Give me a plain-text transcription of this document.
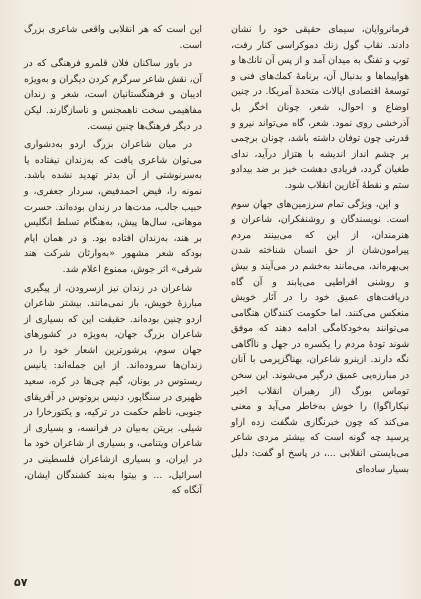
فرمانروایان، سیمای حقیقی خود را نشان دادند. نقاب گول زنك دموکراسی کنار رفت، توپ و تفنگ به میدان آمد و از پس آن تانك‌ها و هواپیماها و بدنبال آن، برنامهٔ کمك‌های فنی و توسعهٔ اقتصادی ایالات متحدهٔ آمریکا. در چنین اوضاع و احوال، شعر، چونان اخگر بل آذرخشی روی نمود. شعر، گاه می‌تواند نیرو و قدرتی چون توفان داشته باشد، چونان برچمی بر چشم انداز اندیشه با هتزاز درآید، ندای طغیان گردد، فریادی دهشت خیز بر ضد بیدادو ستم و نقطهٔ آغازین انقلاب شود.

و این، ویژگی تمام سرزمین‌های جهان سوم است. نویسندگان و روشنفکران، شاعران و هنرمندان، از این که می‌بینند مردم پیرامون‌شان از حق انسان شناخته شدن بی‌بهره‌اند، می‌مانند به‌خشم در می‌آیند و بیش و روشنی افراطیی می‌یابند و آن گاه دریافت‌های عمیق خود را در آثار خویش منعکس می‌کنند. اما حکومت کنندگان هنگامی می‌توانند به‌خودکامگی ادامه دهند که موفق شوند تودهٔ مردم را یکسره در جهل و ناآگاهی نگه دارند. ازینرو شاعران، بهناگزیرمی با آنان در مبارزه‌یی عمیق درگیر می‌شوند. این سخن توماس بورگ (از رهبران انقلاب اخیر نیکاراگوا) را خوش به‌خاطر می‌آید و معنی می‌کند که چون خبرنگاری شگفت زده ازاو پرسید چه گونه است که بیشتر مردی شاعر می‌بایستی انقلابی ...، در پاسخ او گفت: دلیل بسیار ساده‌ای

این است که هر انقلابی واقعی شاعری بزرگ است.

در باور ساکنان فلان قلمرو فرهنگی که در آن، نقش شاعر سرگرم کردن دیگران و به‌ویژه ادیبان و فرهنگستانیان است، شعر و زندان مفاهیمی سخت ناهمجنس و ناسازگارند. لیکن در دیگر فرهنگ‌ها چنین نیست.

در میان شاعران بزرگ اردو به‌دشواری می‌توان شاعری یافت که به‌زندان نیفتاده یا به‌سرنوشتی از آن بدتر تهدید نشده باشد. نمونه را، فیض احمدفیض، سردار جعفری، و حبیب جالب، مدت‌ها در زندان بوده‌اند. حسرت موهانی، سال‌ها پیش، به‌هنگام تسلط انگلیس بر هند، به‌زندان افتاده بود. و در همان ایام بودکه شعر مشهور «به‌وارثان شرکت هند شرقی» اثر جوش، ممنوع اعلام شد.

شاعران در زندان نیز ازسرودن، از پیگیری مبارزهٔ خویش، باز نمی‌مانند. بیشتر شاعران اردو چنین بوده‌اند. حقیقت این که بسیاری از شاعران بزرگ جهان، به‌ویژه در کشورهای جهان سوم، پرشورترین اشعار خود را در زندان‌ها سروده‌اند. از این جمله‌اند: یانیس ریستوس در یونان، گیم چی‌ها در کره، سعید ظهیری در سنگاپور، دنیس بروتوس در آفریقای جنوبی، ناظم حکمت در ترکیه، و یکتورخارا در شیلی. بریتن به‌بیان در فرانسه، و بسیاری از شاعران ویتنامی، و بسیاری از شاعران خود ما در ایران، و بسیاری ازشاعران فلسطینی در اسرائیل، ... و بیتوا به‌بند کشندگان ایشان، آنگاه که

۵۷
